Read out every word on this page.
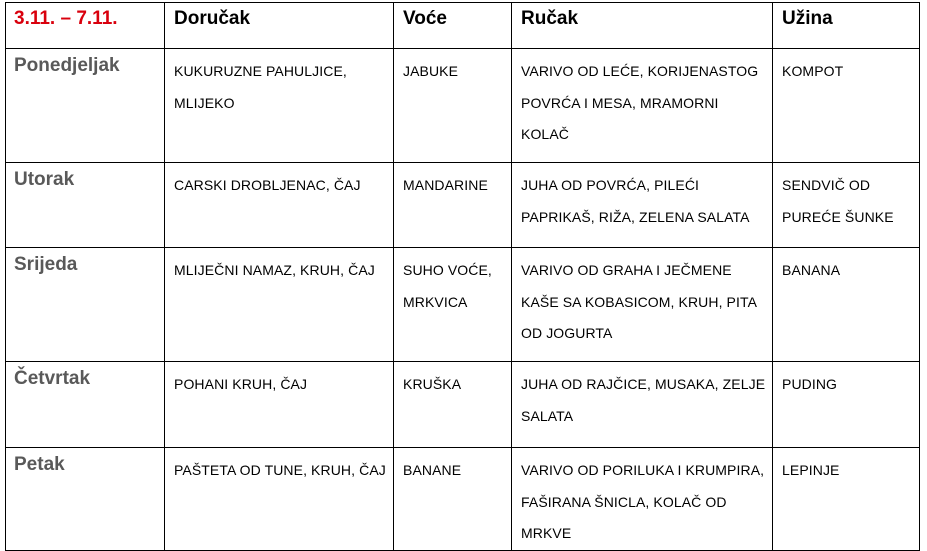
3.11. – 7.11.	Doručak	Voće	Ručak	Užina

Ponedjeljak	KUKURUZNE PAHULJICE, MLIJEKO	JABUKE	VARIVO OD LEĆE, KORIJENASTOG POVRĆA I MESA, MRAMORNI KOLAČ	KOMPOT

Utorak	CARSKI DROBLJENAC, ČAJ	MANDARINE	JUHA OD POVRĆA, PILEĆI PAPRIKAŠ, RIŽA, ZELENA SALATA	SENDVIČ OD PUREĆE ŠUNKE

Srijeda	MLIJEČNI NAMAZ, KRUH, ČAJ	SUHO VOĆE, MRKVICA	VARIVO OD GRAHA I JEČMENE KAŠE SA KOBASICOM, KRUH, PITA OD JOGURTA	BANANA

Četvrtak	POHANI KRUH, ČAJ	KRUŠKA	JUHA OD RAJČICE, MUSAKA, ZELJE SALATA	PUDING

Petak	PAŠTETA OD TUNE, KRUH, ČAJ	BANANE	VARIVO OD PORILUKA I KRUMPIRA, FAŠIRANA ŠNICLA, KOLAČ OD MRKVE	LEPINJE
